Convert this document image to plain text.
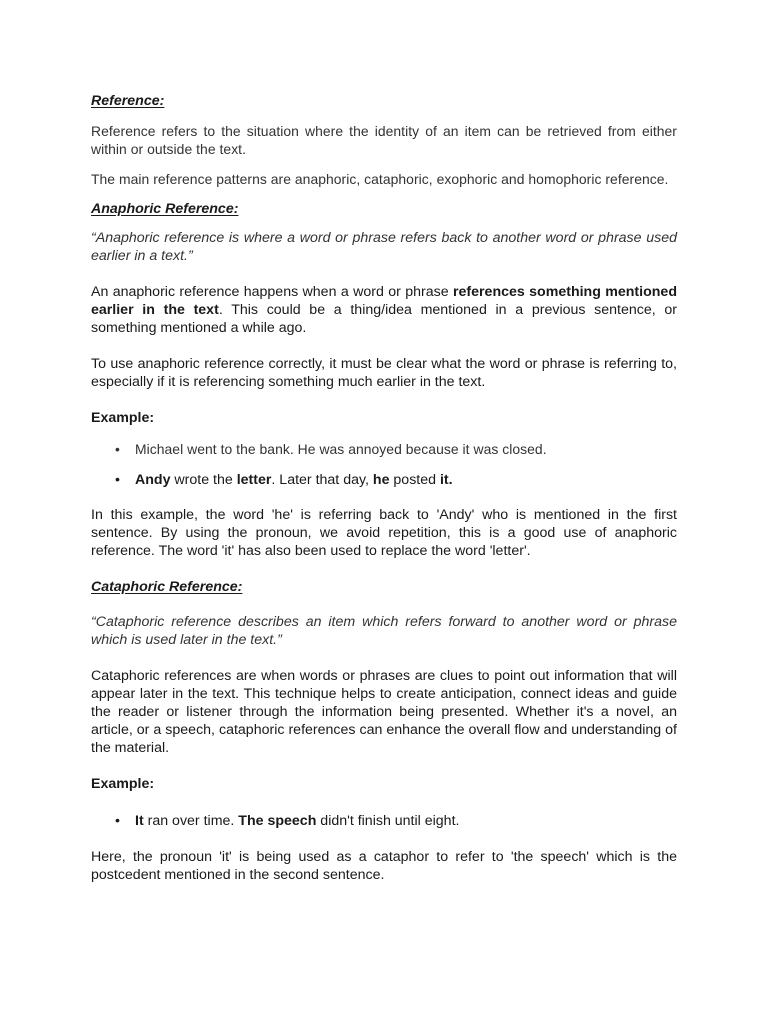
Reference:

Reference refers to the situation where the identity of an item can be retrieved from either within or outside the text.

The main reference patterns are anaphoric, cataphoric, exophoric and homophoric reference.

Anaphoric Reference:

“Anaphoric reference is where a word or phrase refers back to another word or phrase used earlier in a text.”

An anaphoric reference happens when a word or phrase references something mentioned earlier in the text. This could be a thing/idea mentioned in a previous sentence, or something mentioned a while ago.

To use anaphoric reference correctly, it must be clear what the word or phrase is referring to, especially if it is referencing something much earlier in the text.

Example:

• Michael went to the bank. He was annoyed because it was closed.
• Andy wrote the letter. Later that day, he posted it.

In this example, the word 'he' is referring back to 'Andy' who is mentioned in the first sentence. By using the pronoun, we avoid repetition, this is a good use of anaphoric reference. The word 'it' has also been used to replace the word 'letter'.

Cataphoric Reference:

“Cataphoric reference describes an item which refers forward to another word or phrase which is used later in the text.”

Cataphoric references are when words or phrases are clues to point out information that will appear later in the text. This technique helps to create anticipation, connect ideas and guide the reader or listener through the information being presented. Whether it's a novel, an article, or a speech, cataphoric references can enhance the overall flow and understanding of the material.

Example:

• It ran over time. The speech didn't finish until eight.

Here, the pronoun 'it' is being used as a cataphor to refer to 'the speech' which is the postcedent mentioned in the second sentence.
